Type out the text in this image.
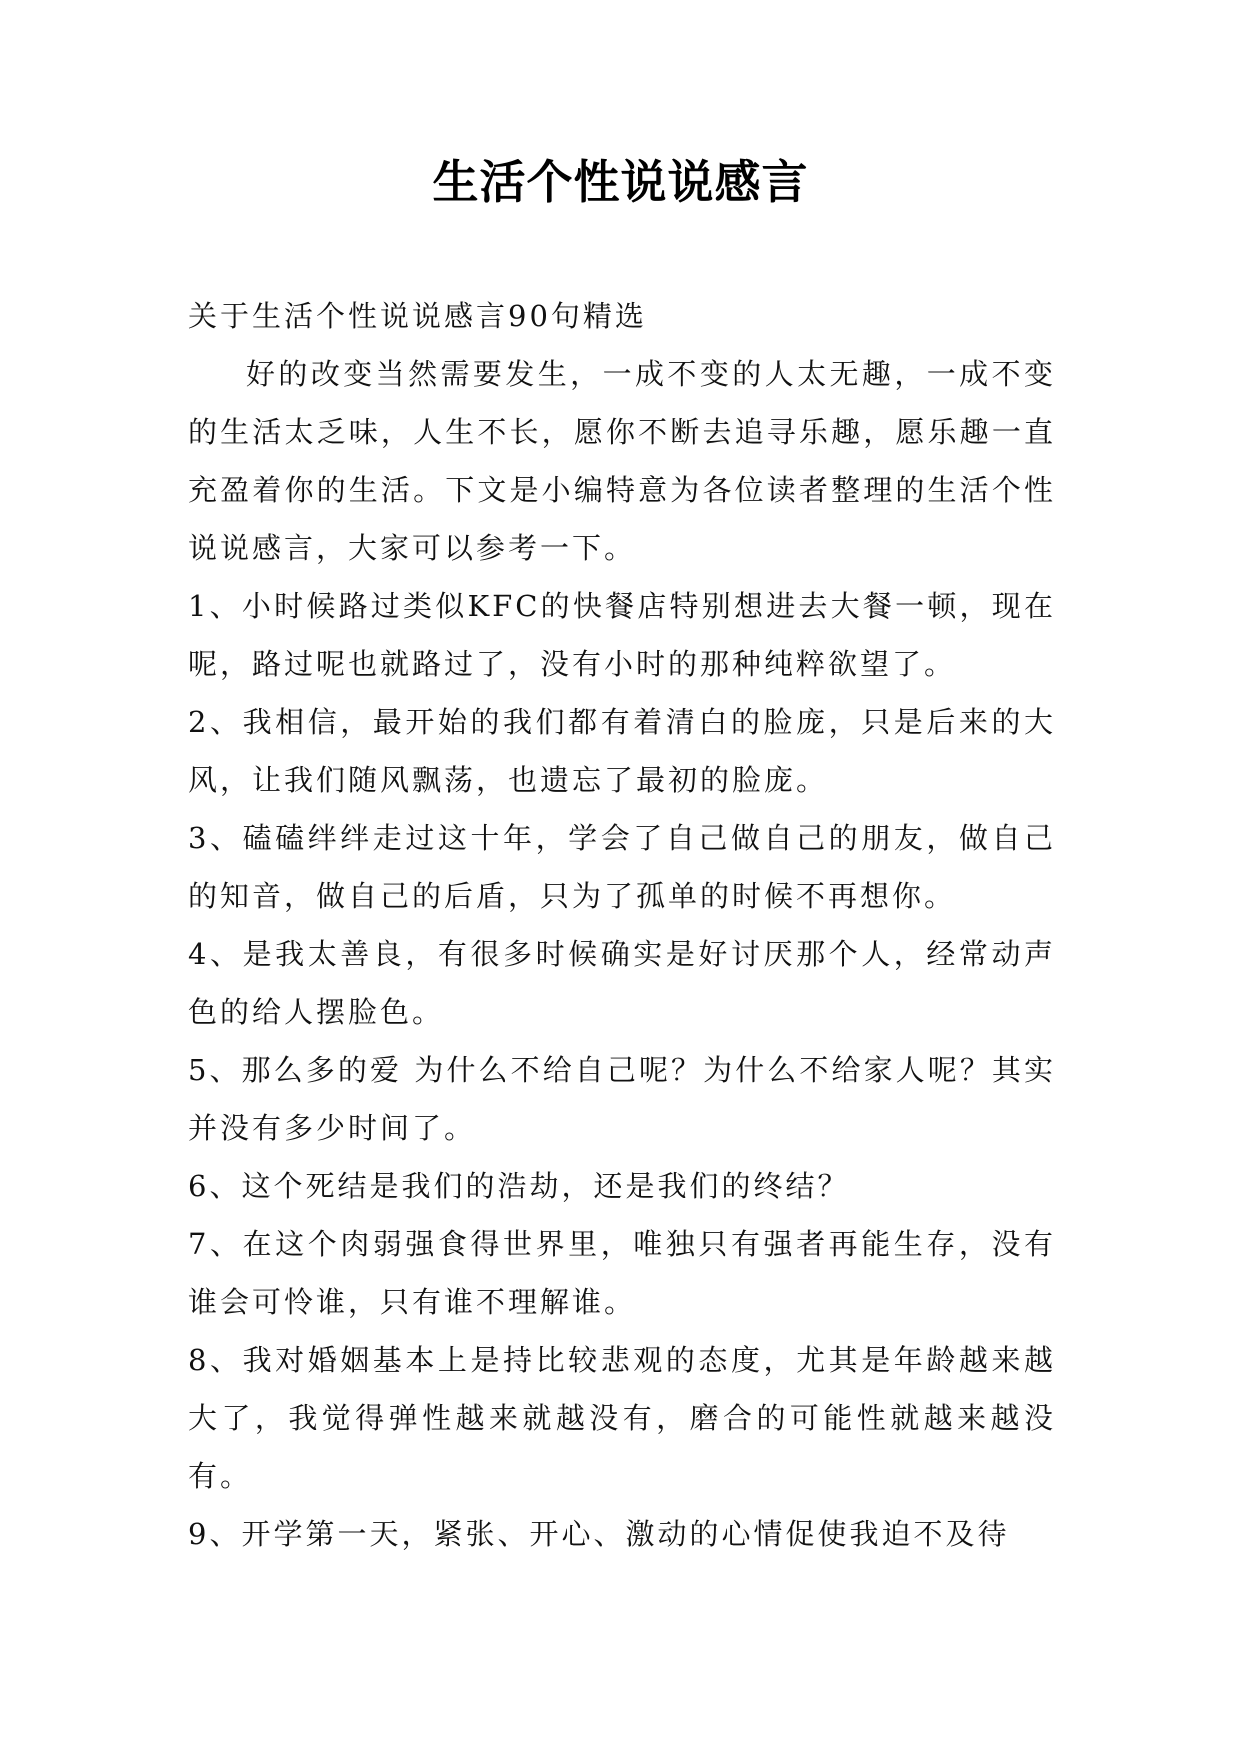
生活个性说说感言

关于生活个性说说感言90句精选

好的改变当然需要发生，一成不变的人太无趣，一成不变的生活太乏味，人生不长，愿你不断去追寻乐趣，愿乐趣一直充盈着你的生活。下文是小编特意为各位读者整理的生活个性说说感言，大家可以参考一下。

1、小时候路过类似KFC的快餐店特别想进去大餐一顿，现在呢，路过呢也就路过了，没有小时的那种纯粹欲望了。

2、我相信，最开始的我们都有着清白的脸庞，只是后来的大风，让我们随风飘荡，也遗忘了最初的脸庞。

3、磕磕绊绊走过这十年，学会了自己做自己的朋友，做自己的知音，做自己的后盾，只为了孤单的时候不再想你。

4、是我太善良，有很多时候确实是好讨厌那个人，经常动声色的给人摆脸色。

5、那么多的爱 为什么不给自己呢？为什么不给家人呢？其实并没有多少时间了。

6、这个死结是我们的浩劫，还是我们的终结？

7、在这个肉弱强食得世界里，唯独只有强者再能生存，没有谁会可怜谁，只有谁不理解谁。

8、我对婚姻基本上是持比较悲观的态度，尤其是年龄越来越大了，我觉得弹性越来就越没有，磨合的可能性就越来越没有。

9、开学第一天，紧张、开心、激动的心情促使我迫不及待
